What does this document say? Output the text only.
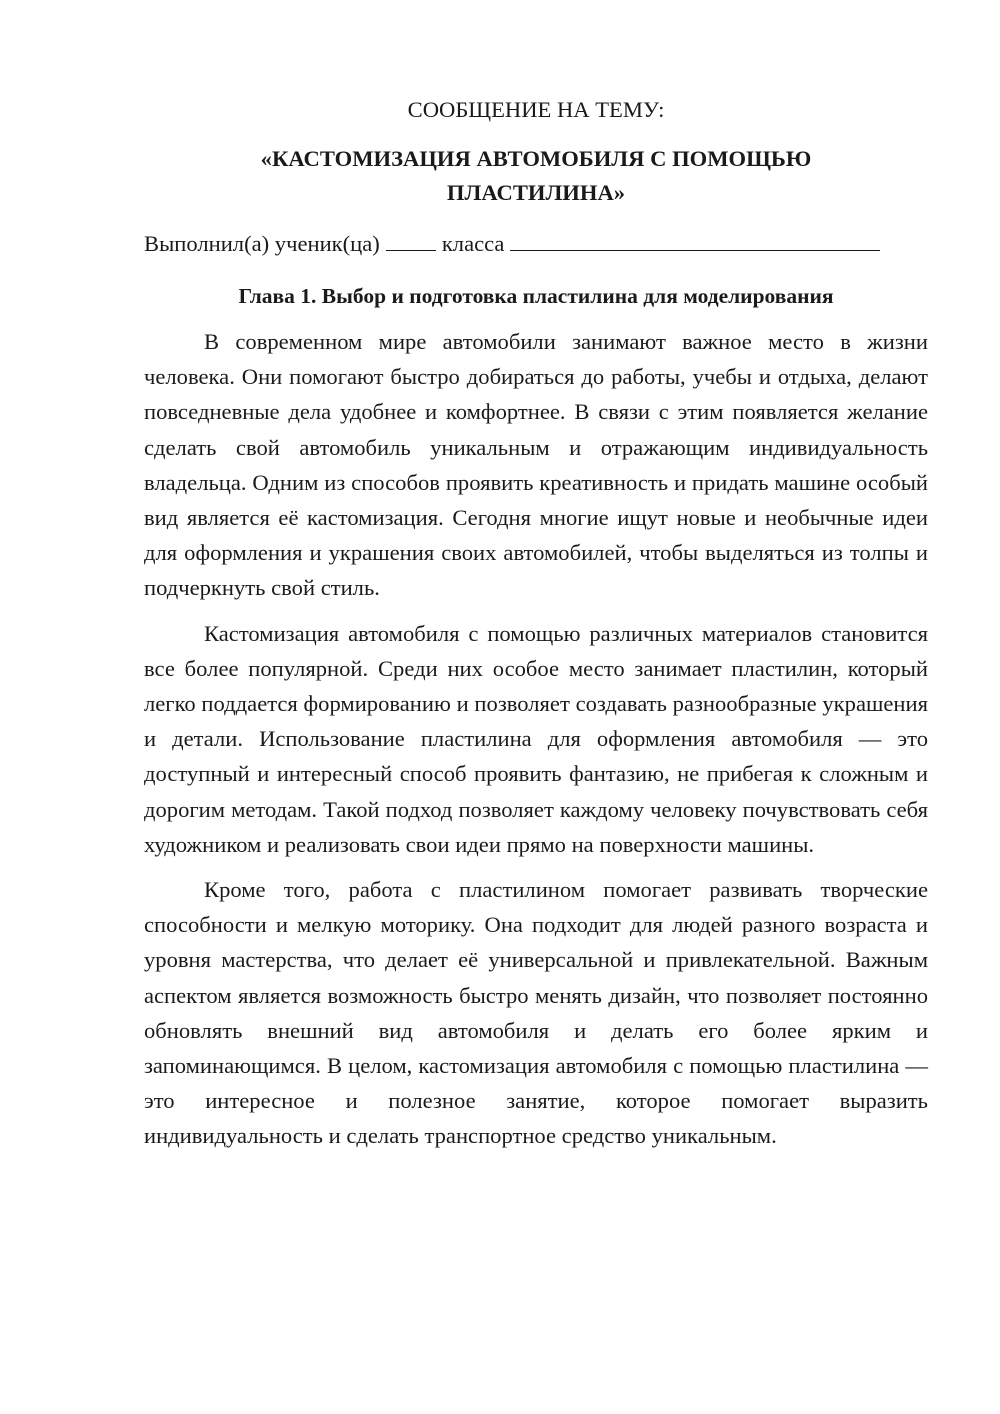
СООБЩЕНИЕ НА ТЕМУ:

«КАСТОМИЗАЦИЯ АВТОМОБИЛЯ С ПОМОЩЬЮ
ПЛАСТИЛИНА»
Выполнил(а) ученик(ца)	класса
Глава 1. Выбор и подготовка пластилина для моделирования

В современном мире автомобили занимают важное место в жизни человека. Они помогают быстро добираться до работы, учебы и отдыха, делают повседневные дела удобнее и комфортнее. В связи с этим появляется желание сделать свой автомобиль уникальным и отражающим индивидуальность владельца. Одним из способов проявить креативность и придать машине особый вид является её кастомизация. Сегодня многие ищут новые и необычные идеи для оформления и украшения своих автомобилей, чтобы выделяться из толпы и подчеркнуть свой стиль.

Кастомизация автомобиля с помощью различных материалов становится все более популярной. Среди них особое место занимает пластилин, который легко поддается формированию и позволяет создавать разнообразные украшения и детали. Использование пластилина для оформления автомобиля — это доступный и интересный способ проявить фантазию, не прибегая к сложным и дорогим методам. Такой подход позволяет каждому человеку почувствовать себя художником и реализовать свои идеи прямо на поверхности машины.

Кроме того, работа с пластилином помогает развивать творческие способности и мелкую моторику. Она подходит для людей разного возраста и уровня мастерства, что делает её универсальной и привлекательной. Важным аспектом является возможность быстро менять дизайн, что позволяет постоянно обновлять внешний вид автомобиля и делать его более ярким и запоминающимся. В целом, кастомизация автомобиля с помощью пластилина — это интересное и полезное занятие, которое помогает выразить индивидуальность и сделать транспортное средство уникальным.
